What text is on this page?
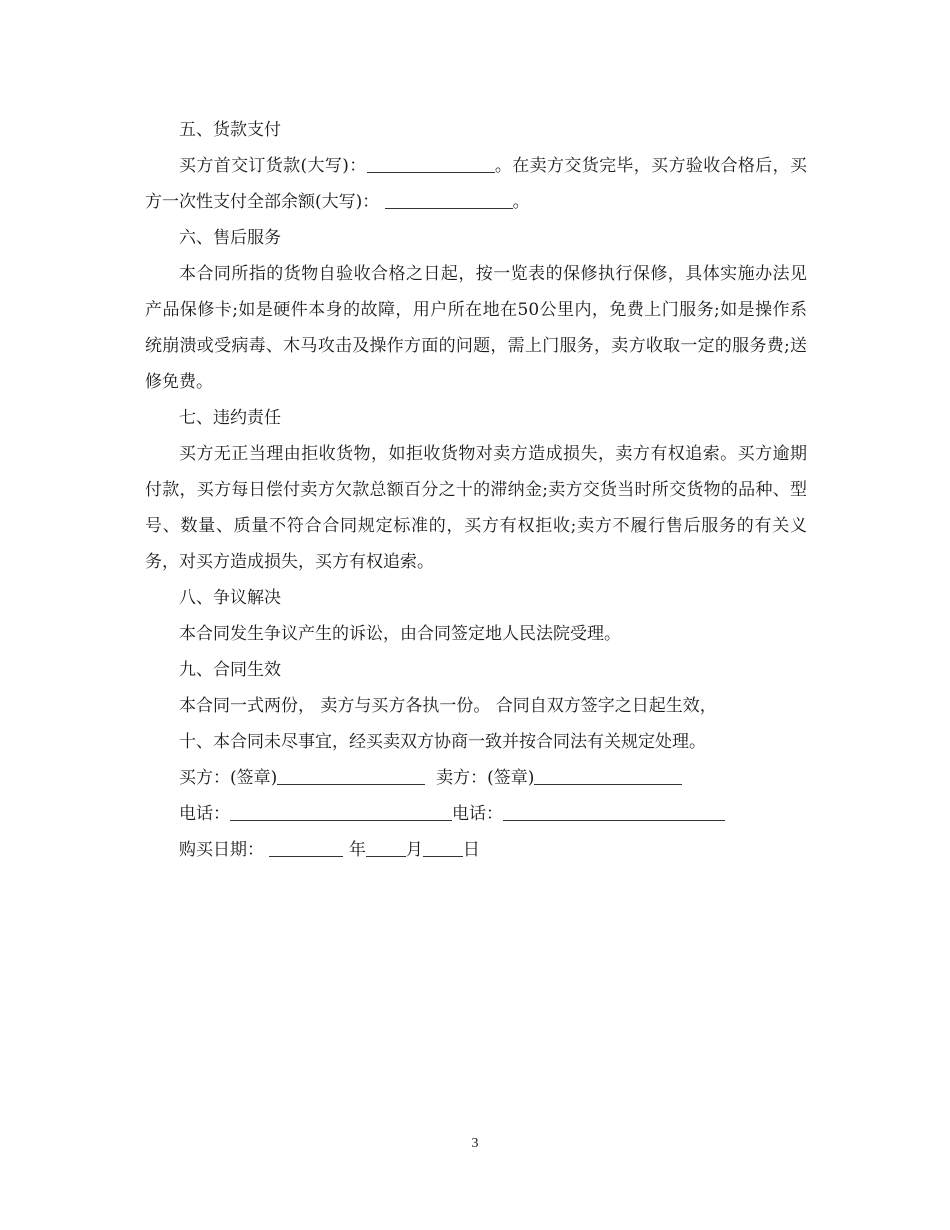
五、货款支付

买方首交订货款(大写)：	。在卖方交货完毕，买方验收合格后，买方一次性支付全部余额(大写)：	。

六、售后服务

本合同所指的货物自验收合格之日起，按一览表的保修执行保修，具体实施办法见产品保修卡;如是硬件本身的故障，用户所在地在50公里内，免费上门服务;如是操作系统崩溃或受病毒、木马攻击及操作方面的问题，需上门服务，卖方收取一定的服务费;送修免费。

七、违约责任

买方无正当理由拒收货物，如拒收货物对卖方造成损失，卖方有权追索。买方逾期付款，买方每日偿付卖方欠款总额百分之十的滞纳金;卖方交货当时所交货物的品种、型号、数量、质量不符合合同规定标准的，买方有权拒收;卖方不履行售后服务的有关义务，对买方造成损失，买方有权追索。

八、争议解决

本合同发生争议产生的诉讼，由合同签定地人民法院受理。

九、合同生效

本合同一式两份， 卖方与买方各执一份。 合同自双方签字之日起生效，

十、本合同未尽事宜，经买卖双方协商一致并按合同法有关规定处理。

买方：(签章)	卖方：(签章)

电话：	电话：

购买日期：	年 月 日

3
